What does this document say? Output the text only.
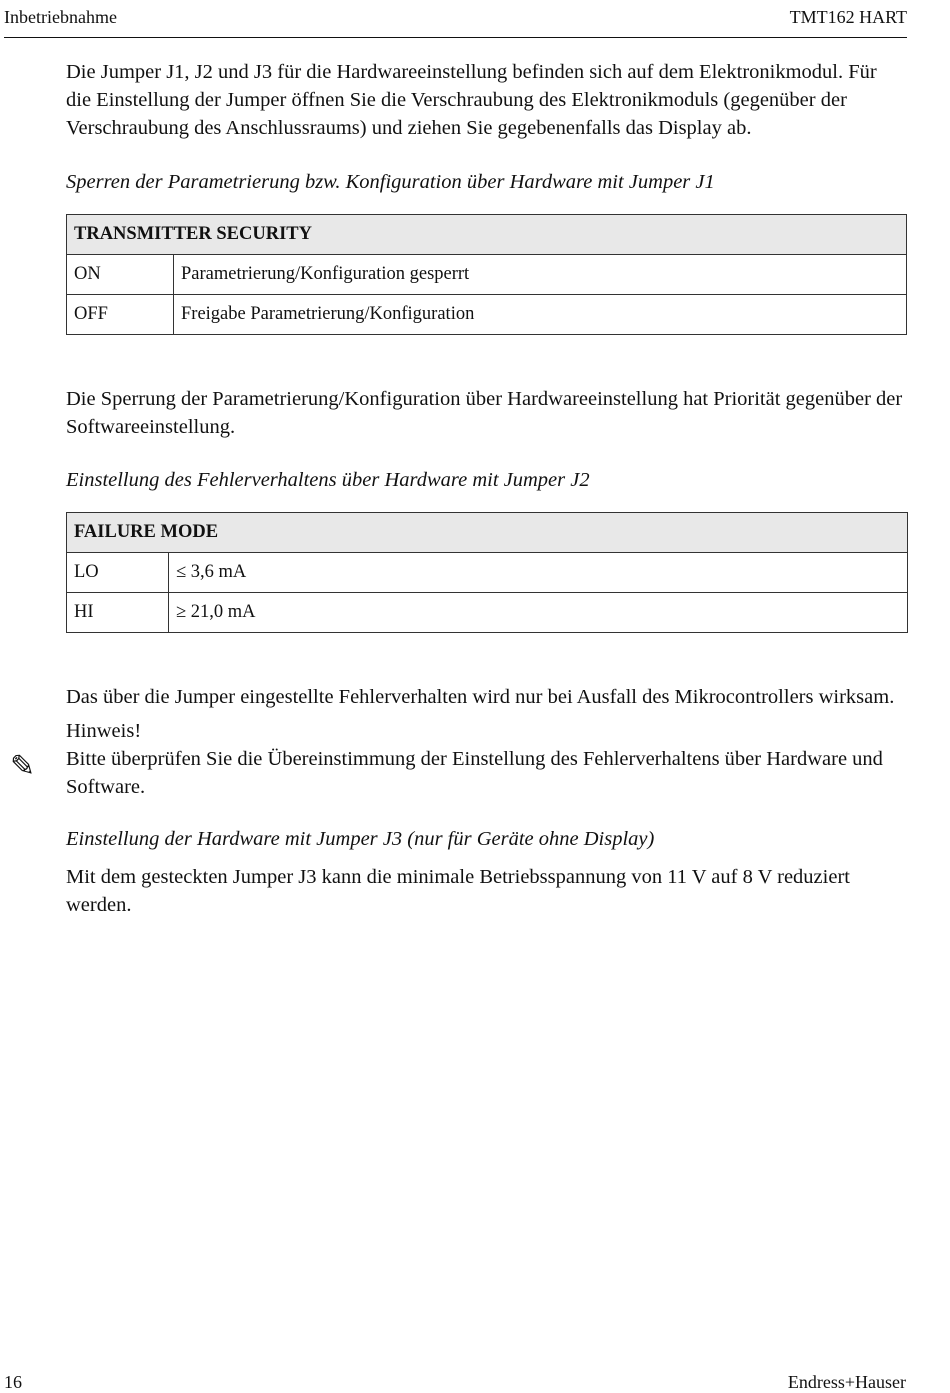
Inbetriebnahme	TMT162 HART

Die Jumper J1, J2 und J3 für die Hardwareeinstellung befinden sich auf dem Elektronikmodul. Für die Einstellung der Jumper öffnen Sie die Verschraubung des Elektronikmoduls (gegenüber der Verschraubung des Anschlussraums) und ziehen Sie gegebenenfalls das Display ab.

Sperren der Parametrierung bzw. Konfiguration über Hardware mit Jumper J1

TRANSMITTER SECURITY	
ON	Parametrierung/Konfiguration gesperrt
OFF	Freigabe Parametrierung/Konfiguration

Die Sperrung der Parametrierung/Konfiguration über Hardwareeinstellung hat Priorität gegenüber der Softwareeinstellung.

Einstellung des Fehlerverhaltens über Hardware mit Jumper J2

FAILURE MODE	
LO	≤ 3,6 mA
HI	≥ 21,0 mA

Das über die Jumper eingestellte Fehlerverhalten wird nur bei Ausfall des Mikrocontrollers wirksam.

Hinweis!

Bitte überprüfen Sie die Übereinstimmung der Einstellung des Fehlerverhaltens über Hardware und Software.

Einstellung der Hardware mit Jumper J3 (nur für Geräte ohne Display)

Mit dem gesteckten Jumper J3 kann die minimale Betriebsspannung von 11 V auf 8 V reduziert werden.

✎
16	Endress+Hauser
